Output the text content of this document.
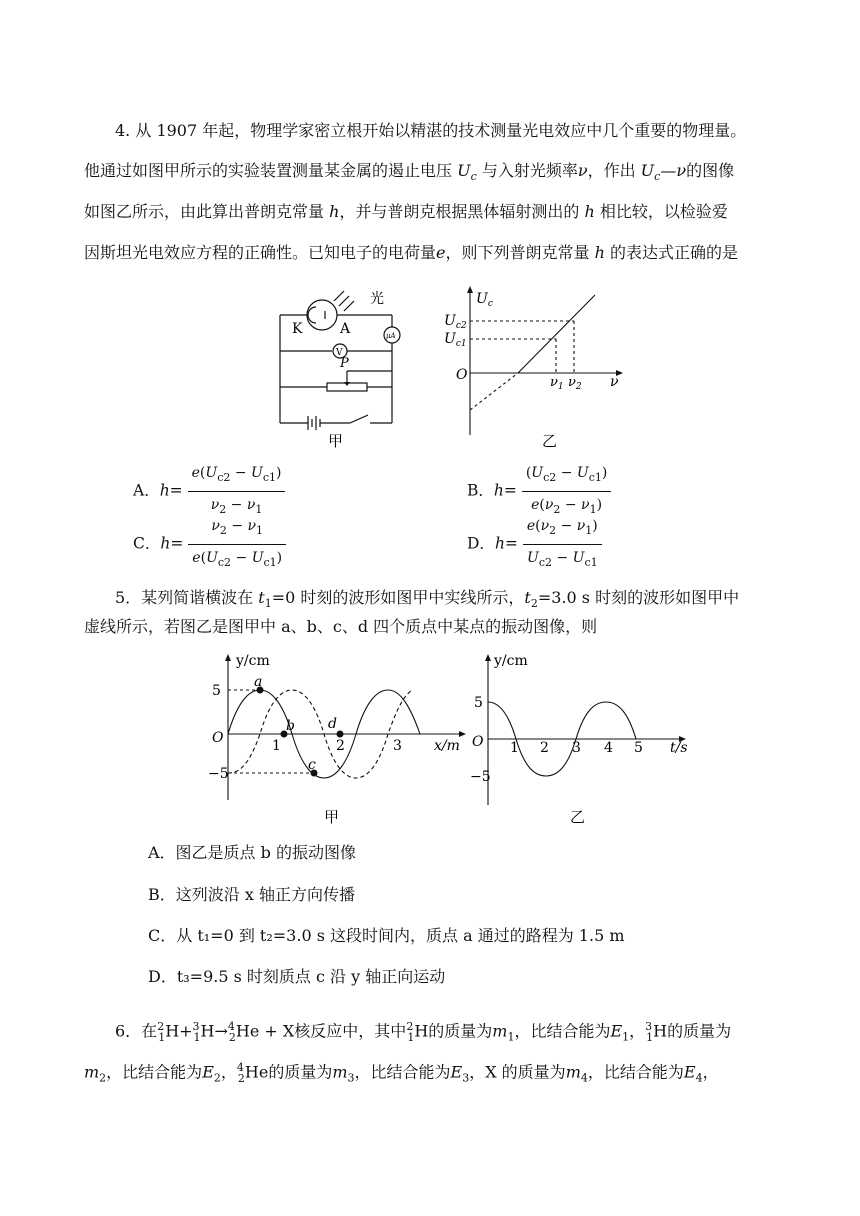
4. 从 1907 年起，物理学家密立根开始以精湛的技术测量光电效应中几个重要的物理量。
他通过如图甲所示的实验装置测量某金属的遏止电压 $U_c$ 与入射光频率ν，作出 $U_c—\nu$的图像
如图乙所示，由此算出普朗克常量 h，并与普朗克根据黑体辐射测出的 h 相比较，以检验爱
因斯坦光电效应方程的正确性。已知电子的电荷量e，则下列普朗克常量 h 的表达式正确的是
光
K	A	μA
V
P
甲
$U_c$
$U_{c2}$
$U_{c1}$
O	$\nu_1$ $\nu_2$ ν
乙
A．$h= \frac{e(U_{c2} - U_{c1})}{\nu_2 - \nu_1}$	B．$h= \frac{(U_{c2} - U_{c1})}{e(\nu_2 - \nu_1)}$
C．$h= \frac{\nu_2 - \nu_1}{e(U_{c2} - U_{c1})}$	D．$h= \frac{e(\nu_2 - \nu_1)}{U_{c2} - U_{c1}}$
5．某列简谐横波在 $t_1=0$ 时刻的波形如图甲中实线所示，$t_2=3.0$ s 时刻的波形如图甲中
虚线所示，若图乙是图甲中 a、b、c、d 四个质点中某点的振动图像，则
y/cm
5
−5
O	1	2	3 x/m
a
b
c
d
甲
y/cm
5
−5
O 1 2 3 4 5 t/s
乙
A．图乙是质点 b 的振动图像
B．这列波沿 x 轴正方向传播
C．从 t₁=0 到 t₂=3.0 s 这段时间内，质点 a 通过的路程为 1.5 m
D．t₃=9.5 s 时刻质点 c 沿 y 轴正向运动
6．在$^2_1$H+$^3_1$H→$^4_2$He + X核反应中，其中$^2_1$H的质量为$m_1$，比结合能为$E_1$，$^3_1$H的质量为
$m_2$，比结合能为$E_2$，$^4_2$He的质量为$m_3$，比结合能为$E_3$，X 的质量为$m_4$，比结合能为$E_4$，
